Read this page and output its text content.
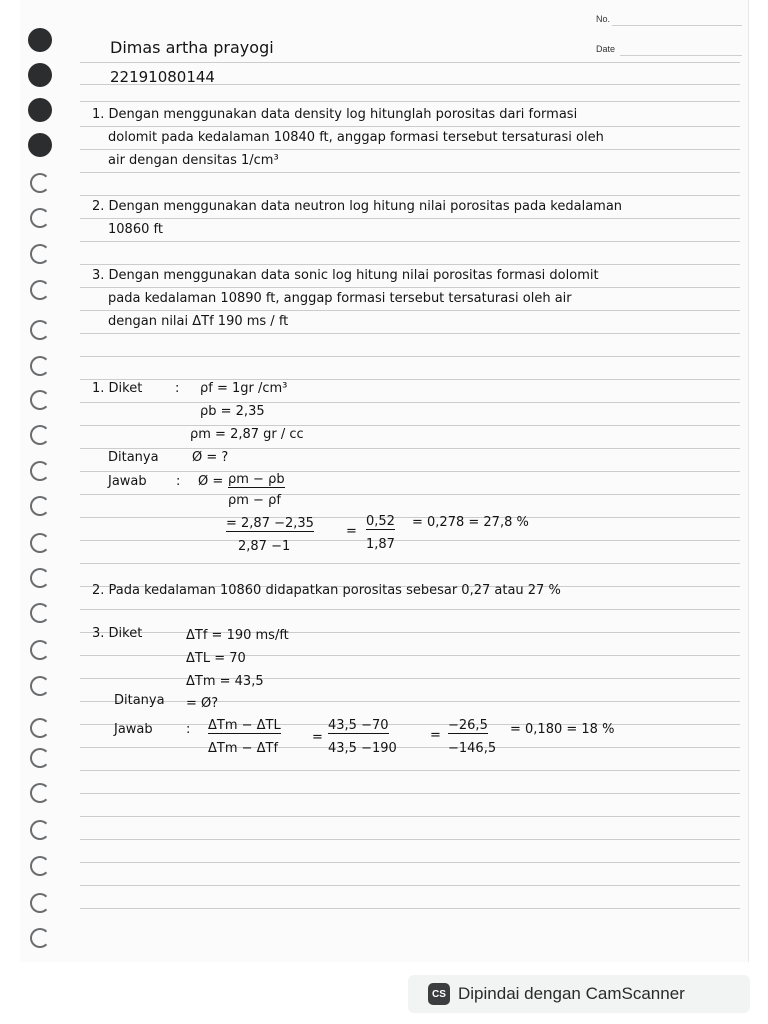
No.
Date
Dimas artha prayogi
22191080144
1. Dengan menggunakan data density log hitunglah porositas dari formasi
dolomit pada kedalaman 10840 ft, anggap formasi tersebut tersaturasi oleh
air dengan densitas 1/cm³
2. Dengan menggunakan data neutron log hitung nilai porositas pada kedalaman
10860 ft
3. Dengan menggunakan data sonic log hitung nilai porositas formasi dolomit
pada kedalaman 10890 ft, anggap formasi tersebut tersaturasi oleh air
dengan nilai ΔTf 190 ms / ft
1. Diket	: ρf = 1gr /cm³
ρb = 2,35
ρm = 2,87 gr / cc
Ditanya	Ø = ?
Jawab : Ø = ρm − ρb
ρm − ρf
= 2,87 −2,35
2,87 −1
=
0,52
1,87
= 0,278 = 27,8 %
2. Pada kedalaman 10860 didapatkan porositas sebesar 0,27 atau 27 %
3. Diket	ΔTf = 190 ms/ft
ΔTL = 70
ΔTm = 43,5
Ditanya = Ø?
Jawab	: ΔTm − ΔTL
ΔTm − ΔTf
=
43,5 −70
43,5 −190
=
−26,5
−146,5
= 0,180 = 18 %
CS Dipindai dengan CamScanner
